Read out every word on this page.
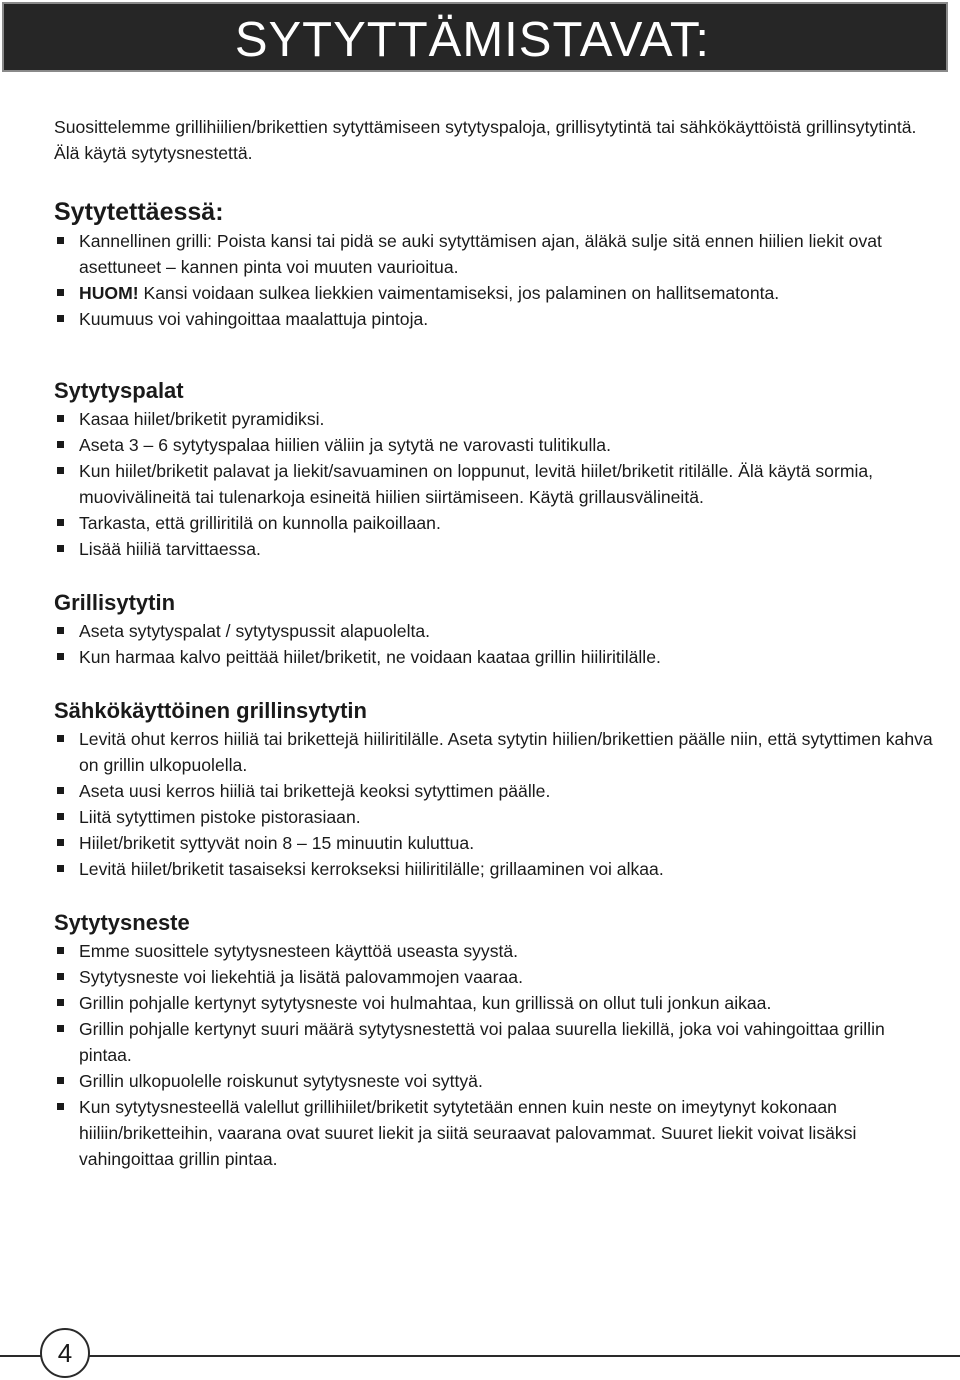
SYTYTTÄMISTAVAT:

Suosittelemme grillihiilien/brikettien sytyttämiseen sytytyspaloja, grillisytytintä tai sähkökäyttöistä grillinsytytintä. Älä käytä sytytysnestettä.

Sytytettäessä:
Kannellinen grilli: Poista kansi tai pidä se auki sytyttämisen ajan, äläkä sulje sitä ennen hiilien liekit ovat asettuneet – kannen pinta voi muuten vaurioitua.
HUOM! Kansi voidaan sulkea liekkien vaimentamiseksi, jos palaminen on hallitsematonta.
Kuumuus voi vahingoittaa maalattuja pintoja.
Sytytyspalat
Kasaa hiilet/briketit pyramidiksi.
Aseta 3 – 6 sytytyspalaa hiilien väliin ja sytytä ne varovasti tulitikulla.
Kun hiilet/briketit palavat ja liekit/savuaminen on loppunut, levitä hiilet/briketit ritilälle. Älä käytä sormia, muovivälineitä tai tulenarkoja esineitä hiilien siirtämiseen. Käytä grillausvälineitä.
Tarkasta, että grilliritilä on kunnolla paikoillaan.
Lisää hiiliä tarvittaessa.
Grillisytytin
Aseta sytytyspalat / sytytyspussit alapuolelta.
Kun harmaa kalvo peittää hiilet/briketit, ne voidaan kaataa grillin hiiliritilälle.
Sähkökäyttöinen grillinsytytin
Levitä ohut kerros hiiliä tai brikettejä hiiliritilälle. Aseta sytytin hiilien/brikettien päälle niin, että sytyttimen kahva on grillin ulkopuolella.
Aseta uusi kerros hiiliä tai brikettejä keoksi sytyttimen päälle.
Liitä sytyttimen pistoke pistorasiaan.
Hiilet/briketit syttyvät noin 8 – 15 minuutin kuluttua.
Levitä hiilet/briketit tasaiseksi kerrokseksi hiiliritilälle; grillaaminen voi alkaa.
Sytytysneste
Emme suosittele sytytysnesteen käyttöä useasta syystä.
Sytytysneste voi liekehtiä ja lisätä palovammojen vaaraa.
Grillin pohjalle kertynyt sytytysneste voi hulmahtaa, kun grillissä on ollut tuli jonkun aikaa.
Grillin pohjalle kertynyt suuri määrä sytytysnestettä voi palaa suurella liekillä, joka voi vahingoittaa grillin pintaa.
Grillin ulkopuolelle roiskunut sytytysneste voi syttyä.
Kun sytytysnesteellä valellut grillihiilet/briketit sytytetään ennen kuin neste on imeytynyt kokonaan hiiliin/briketteihin, vaarana ovat suuret liekit ja siitä seuraavat palovammat. Suuret liekit voivat lisäksi vahingoittaa grillin pintaa.
4
